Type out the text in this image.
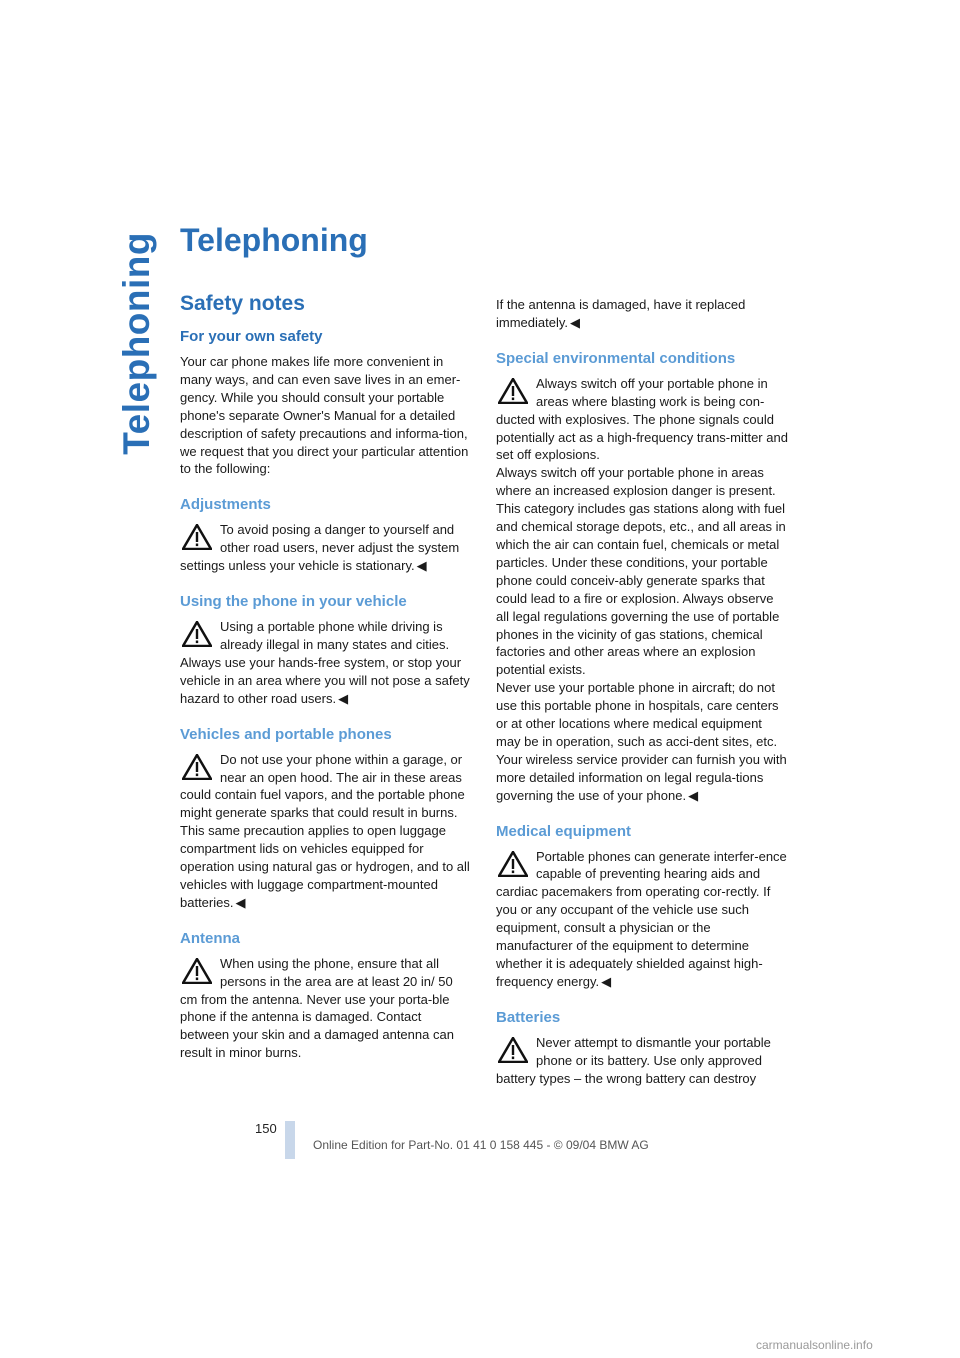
Telephoning Telephoning
Safety notes
For your own safety

Your car phone makes life more convenient in many ways, and can even save lives in an emer-gency. While you should consult your portable phone's separate Owner's Manual for a detailed description of safety precautions and informa-tion, we request that you direct your particular attention to the following:

Adjustments

To avoid posing a danger to yourself and other road users, never adjust the system settings unless your vehicle is stationary. ◀

Using the phone in your vehicle

Using a portable phone while driving is already illegal in many states and cities. Always use your hands-free system, or stop your vehicle in an area where you will not pose a safety hazard to other road users. ◀

Vehicles and portable phones

Do not use your phone within a garage, or near an open hood. The air in these areas could contain fuel vapors, and the portable phone might generate sparks that could result in burns.

This same precaution applies to open luggage compartment lids on vehicles equipped for operation using natural gas or hydrogen, and to all vehicles with luggage compartment-mounted batteries. ◀

Antenna

When using the phone, ensure that all persons in the area are at least 20 in/ 50 cm from the antenna. Never use your porta-ble phone if the antenna is damaged. Contact between your skin and a damaged antenna can result in minor burns.

If the antenna is damaged, have it replaced immediately. ◀

Special environmental conditions

Always switch off your portable phone in areas where blasting work is being con-ducted with explosives. The phone signals could potentially act as a high-frequency trans-mitter and set off explosions.

Always switch off your portable phone in areas where an increased explosion danger is present. This category includes gas stations along with fuel and chemical storage depots, etc., and all areas in which the air can contain fuel, chemicals or metal particles. Under these conditions, your portable phone could conceiv-ably generate sparks that could lead to a fire or explosion. Always observe all legal regulations governing the use of portable phones in the vicinity of gas stations, chemical factories and other areas where an explosion potential exists.

Never use your portable phone in aircraft; do not use this portable phone in hospitals, care centers or at other locations where medical equipment may be in operation, such as acci-dent sites, etc.

Your wireless service provider can furnish you with more detailed information on legal regula-tions governing the use of your phone. ◀

Medical equipment

Portable phones can generate interfer-ence capable of preventing hearing aids and cardiac pacemakers from operating cor-rectly. If you or any occupant of the vehicle use such equipment, consult a physician or the manufacturer of the equipment to determine whether it is adequately shielded against high-frequency energy. ◀

Batteries

Never attempt to dismantle your portable phone or its battery. Use only approved battery types – the wrong battery can destroy

150
Online Edition for Part-No. 01 41 0 158 445 - © 09/04 BMW AG
carmanualsonline.info
